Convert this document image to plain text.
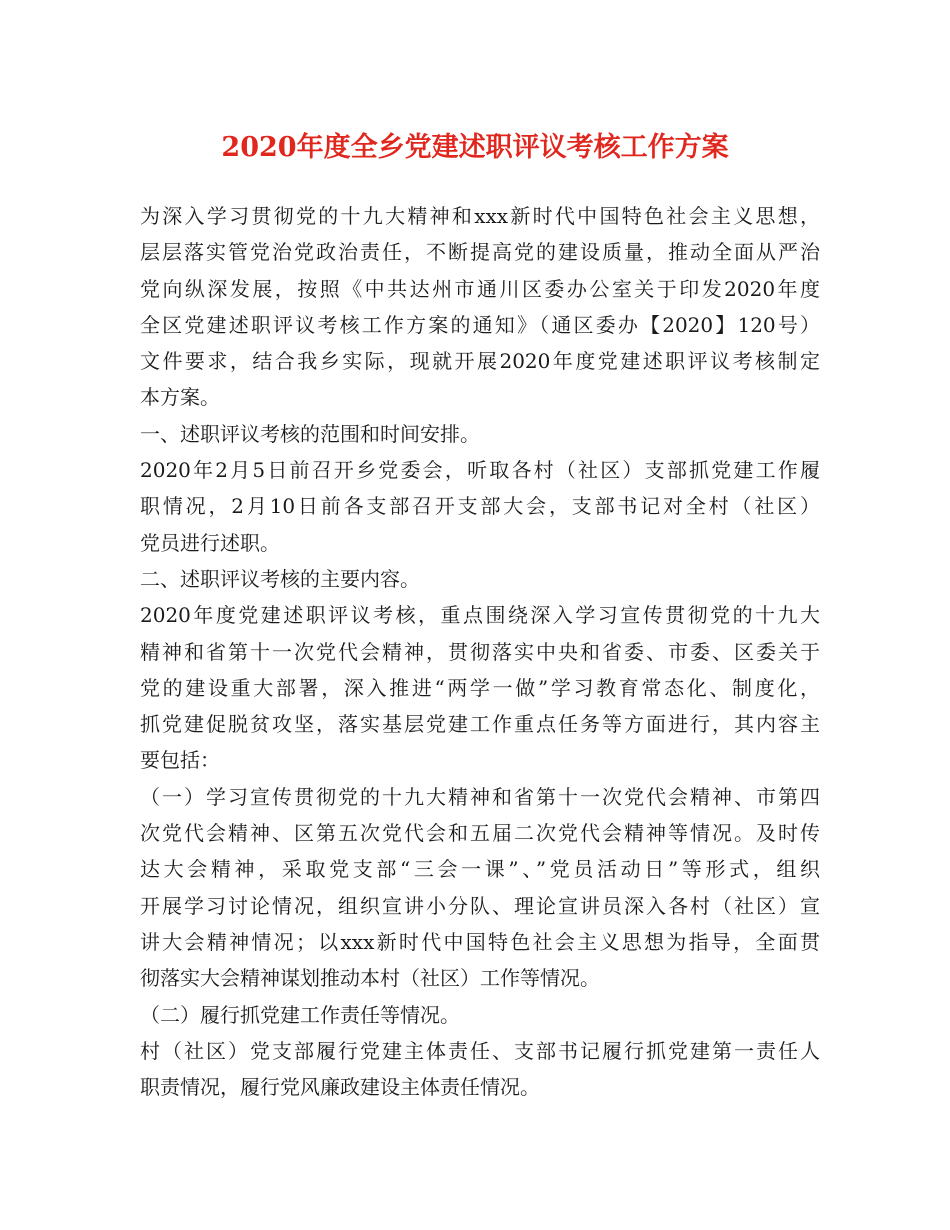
2020年度全乡党建述职评议考核工作方案
为深入学习贯彻党的十九大精神和xxx新时代中国特色社会主义思想，
层层落实管党治党政治责任，不断提高党的建设质量，推动全面从严治
党向纵深发展，按照《中共达州市通川区委办公室关于印发2020年度
全区党建述职评议考核工作方案的通知》（通区委办【2020】120号）
文件要求，结合我乡实际，现就开展2020年度党建述职评议考核制定
本方案。
一、述职评议考核的范围和时间安排。
2020年2月5日前召开乡党委会，听取各村（社区）支部抓党建工作履
职情况，2月10日前各支部召开支部大会，支部书记对全村（社区）
党员进行述职。
二、述职评议考核的主要内容。
2020年度党建述职评议考核，重点围绕深入学习宣传贯彻党的十九大
精神和省第十一次党代会精神，贯彻落实中央和省委、市委、区委关于
党的建设重大部署，深入推进“两学一做”学习教育常态化、制度化，
抓党建促脱贫攻坚，落实基层党建工作重点任务等方面进行，其内容主
要包括：
（一）学习宣传贯彻党的十九大精神和省第十一次党代会精神、市第四
次党代会精神、区第五次党代会和五届二次党代会精神等情况。及时传
达大会精神，采取党支部“三会一课”、”党员活动日”等形式，组织
开展学习讨论情况，组织宣讲小分队、理论宣讲员深入各村（社区）宣
讲大会精神情况；以xxx新时代中国特色社会主义思想为指导，全面贯
彻落实大会精神谋划推动本村（社区）工作等情况。
（二）履行抓党建工作责任等情况。
村（社区）党支部履行党建主体责任、支部书记履行抓党建第一责任人
职责情况，履行党风廉政建设主体责任情况。
